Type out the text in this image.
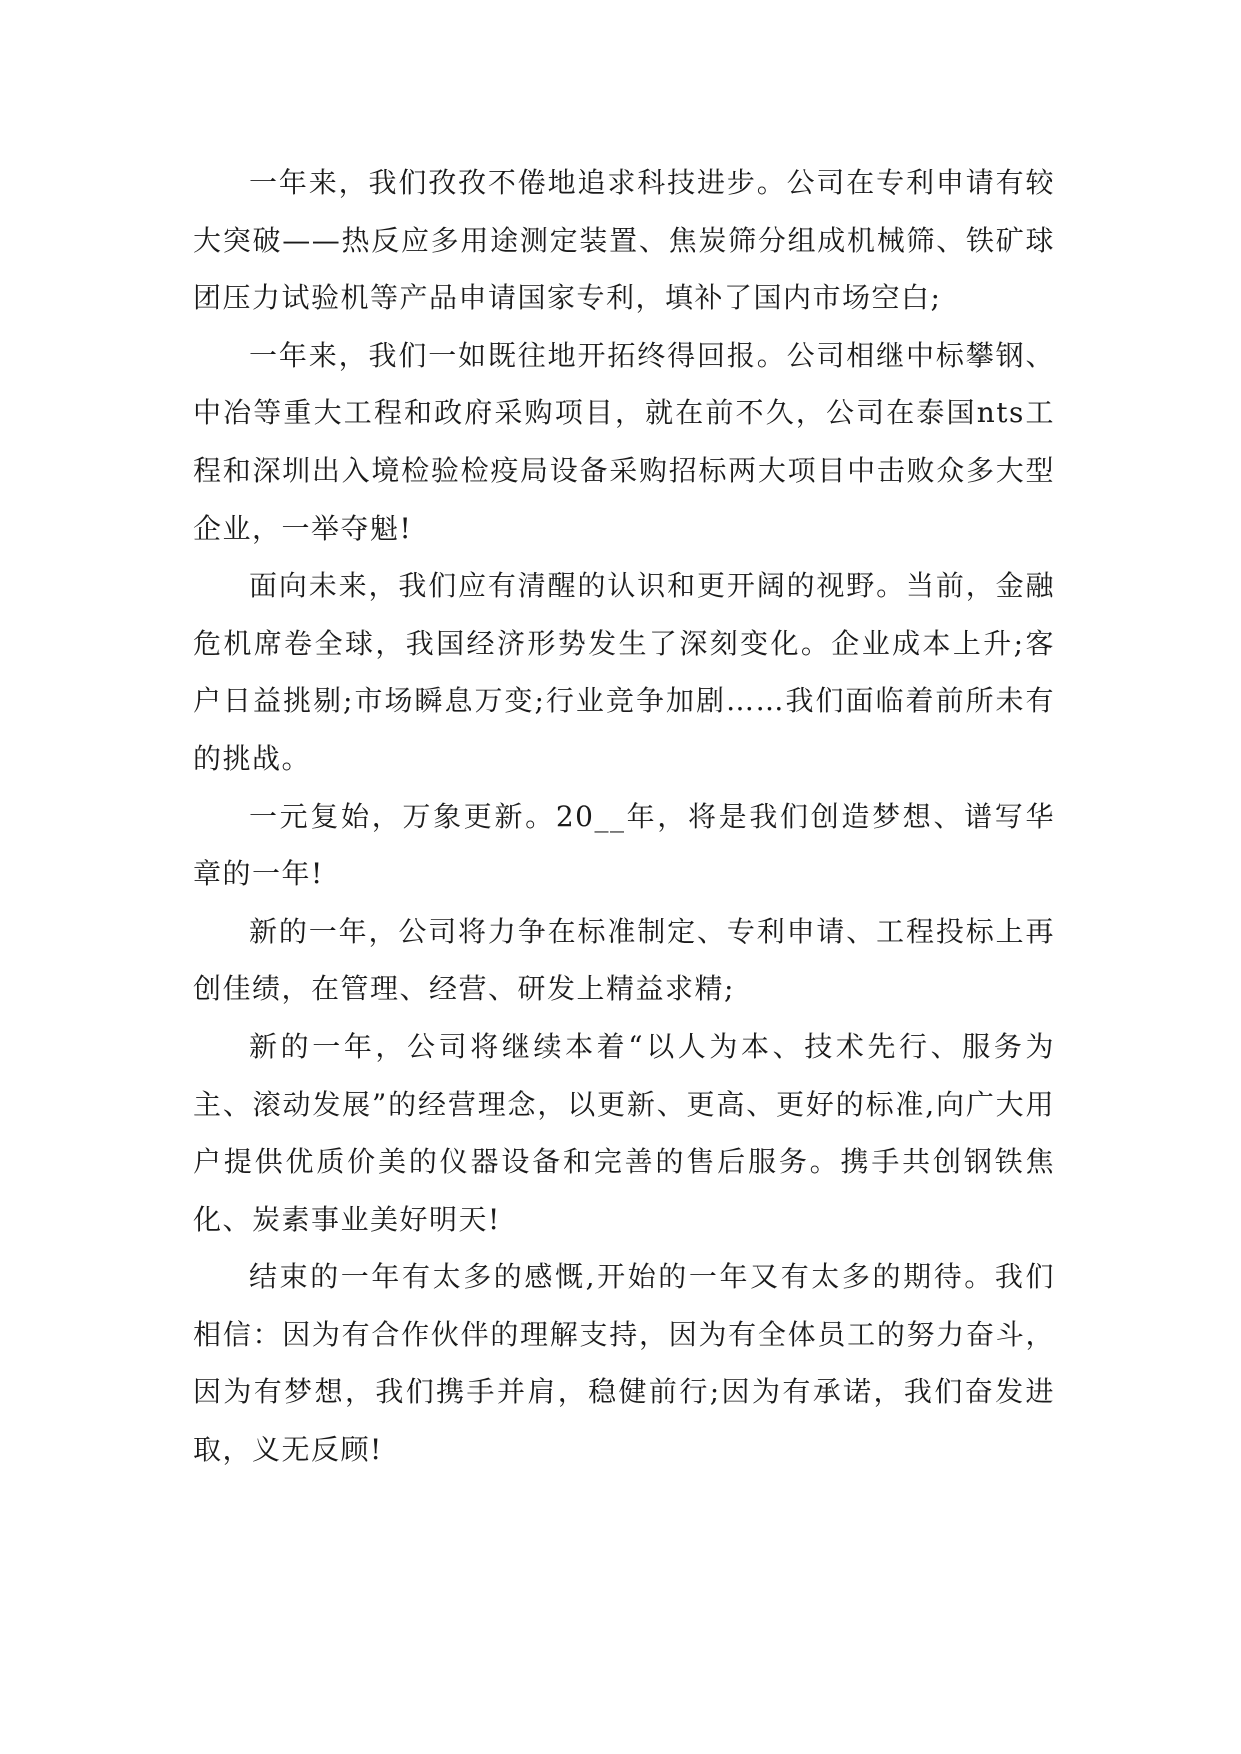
一年来，我们孜孜不倦地追求科技进步。公司在专利申请有较大突破——热反应多用途测定装置、焦炭筛分组成机械筛、铁矿球团压力试验机等产品申请国家专利，填补了国内市场空白;

一年来，我们一如既往地开拓终得回报。公司相继中标攀钢、中冶等重大工程和政府采购项目，就在前不久，公司在泰国nts工程和深圳出入境检验检疫局设备采购招标两大项目中击败众多大型企业，一举夺魁!

面向未来，我们应有清醒的认识和更开阔的视野。当前，金融危机席卷全球，我国经济形势发生了深刻变化。企业成本上升;客户日益挑剔;市场瞬息万变;行业竞争加剧……我们面临着前所未有的挑战。

一元复始，万象更新。20__年，将是我们创造梦想、谱写华章的一年!

新的一年，公司将力争在标准制定、专利申请、工程投标上再创佳绩，在管理、经营、研发上精益求精;

新的一年，公司将继续本着“以人为本、技术先行、服务为主、滚动发展”的经营理念，以更新、更高、更好的标准,向广大用户提供优质价美的仪器设备和完善的售后服务。携手共创钢铁焦化、炭素事业美好明天!

结束的一年有太多的感慨,开始的一年又有太多的期待。我们相信：因为有合作伙伴的理解支持，因为有全体员工的努力奋斗，因为有梦想，我们携手并肩，稳健前行;因为有承诺，我们奋发进取，义无反顾!
